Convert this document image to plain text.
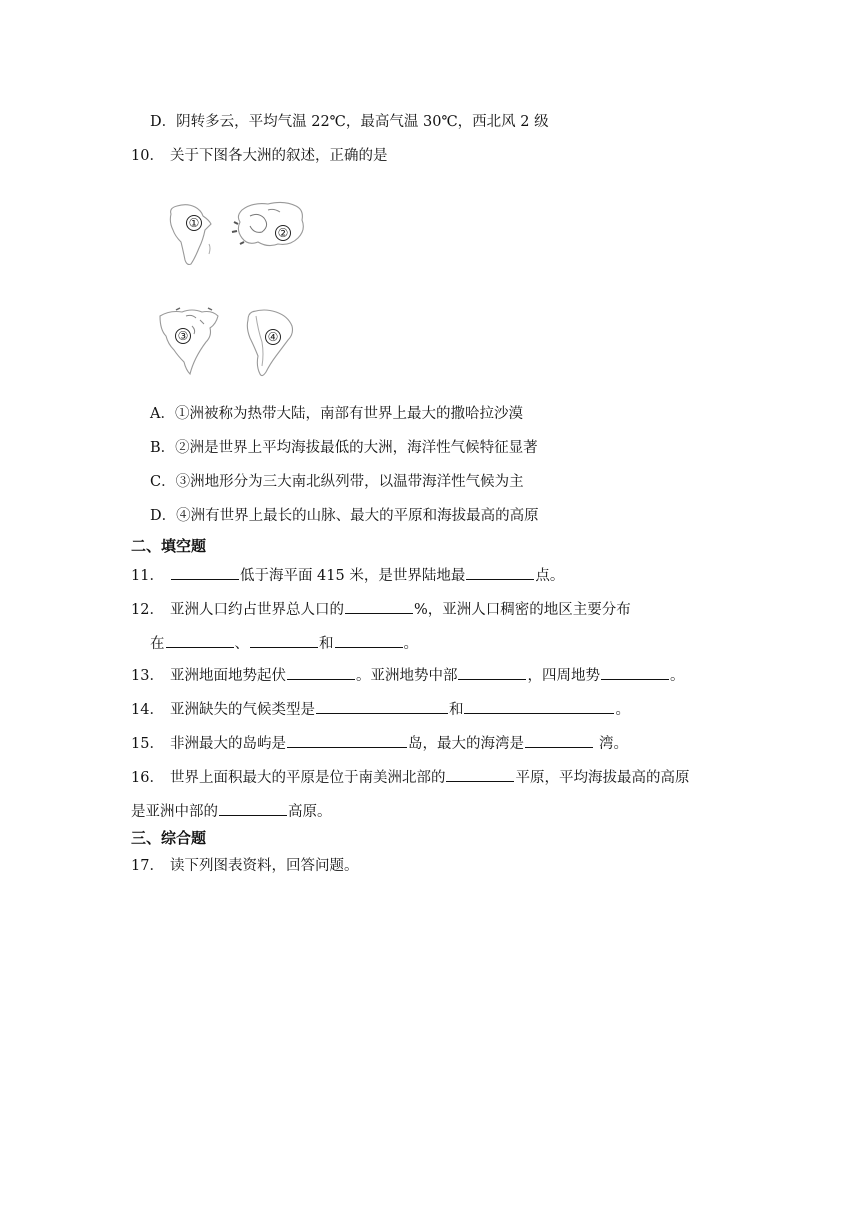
D．阴转多云，平均气温 22℃，最高气温 30℃，西北风 2 级
10． 关于下图各大洲的叙述，正确的是
①
②
③	④
A．①洲被称为热带大陆，南部有世界上最大的撒哈拉沙漠
B．②洲是世界上平均海拔最低的大洲，海洋性气候特征显著
C．③洲地形分为三大南北纵列带，以温带海洋性气候为主
D．④洲有世界上最长的山脉、最大的平原和海拔最高的高原
二、填空题
11．	低于海平面 415 米，是世界陆地最	点。
12． 亚洲人口约占世界总人口的	%，亚洲人口稠密的地区主要分布
在	、	和	。
13． 亚洲地面地势起伏	。亚洲地势中部	，四周地势	。
14． 亚洲缺失的气候类型是	和	。
15． 非洲最大的岛屿是	岛，最大的海湾是	湾。
16． 世界上面积最大的平原是位于南美洲北部的	平原，平均海拔最高的高原
是亚洲中部的	高原。
三、综合题
17． 读下列图表资料，回答问题。
